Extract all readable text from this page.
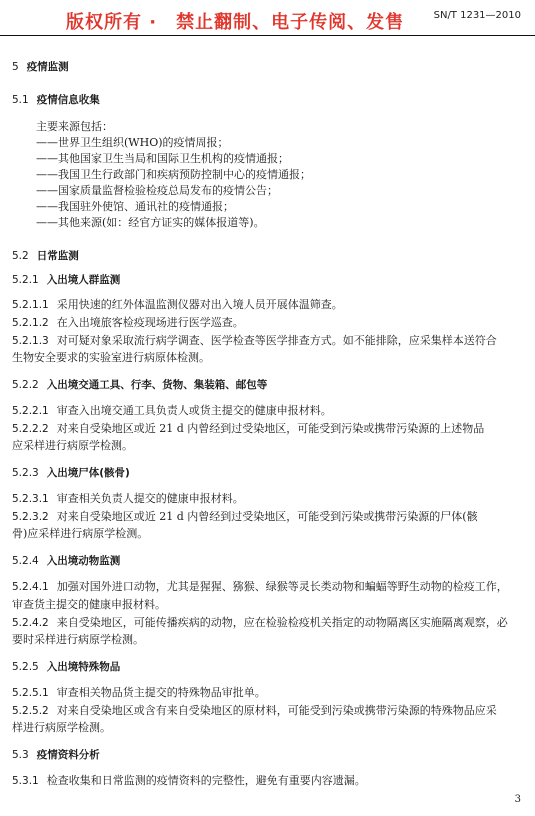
版权所有 ·　禁止翻制、电子传阅、发售	SN/T 1231—2010
5 疫情监测
5.1 疫情信息收集
主要来源包括：
——世界卫生组织(WHO)的疫情周报；
——其他国家卫生当局和国际卫生机构的疫情通报；
——我国卫生行政部门和疾病预防控制中心的疫情通报；
——国家质量监督检验检疫总局发布的疫情公告；
——我国驻外使馆、通讯社的疫情通报；
——其他来源(如：经官方证实的媒体报道等)。
5.2 日常监测
5.2.1 入出境人群监测
5.2.1.1 采用快速的红外体温监测仪器对出入境人员开展体温筛查。
5.2.1.2 在入出境旅客检疫现场进行医学巡查。
5.2.1.3 对可疑对象采取流行病学调查、医学检查等医学排查方式。如不能排除，应采集样本送符合
生物安全要求的实验室进行病原体检测。
5.2.2 入出境交通工具、行李、货物、集装箱、邮包等
5.2.2.1 审查入出境交通工具负责人或货主提交的健康申报材料。
5.2.2.2 对来自受染地区或近 21 d 内曾经到过受染地区，可能受到污染或携带污染源的上述物品
应采样进行病原学检测。
5.2.3 入出境尸体(骸骨)
5.2.3.1 审查相关负责人提交的健康申报材料。
5.2.3.2 对来自受染地区或近 21 d 内曾经到过受染地区，可能受到污染或携带污染源的尸体(骸
骨)应采样进行病原学检测。
5.2.4 入出境动物监测
5.2.4.1 加强对国外进口动物，尤其是猩猩、猕猴、绿猴等灵长类动物和蝙蝠等野生动物的检疫工作，
审查货主提交的健康申报材料。
5.2.4.2 来自受染地区，可能传播疾病的动物，应在检验检疫机关指定的动物隔离区实施隔离观察，必
要时采样进行病原学检测。
5.2.5 入出境特殊物品
5.2.5.1 审查相关物品货主提交的特殊物品审批单。
5.2.5.2 对来自受染地区或含有来自受染地区的原材料，可能受到污染或携带污染源的特殊物品应采
样进行病原学检测。
5.3 疫情资料分析
5.3.1 检查收集和日常监测的疫情资料的完整性，避免有重要内容遗漏。
3
